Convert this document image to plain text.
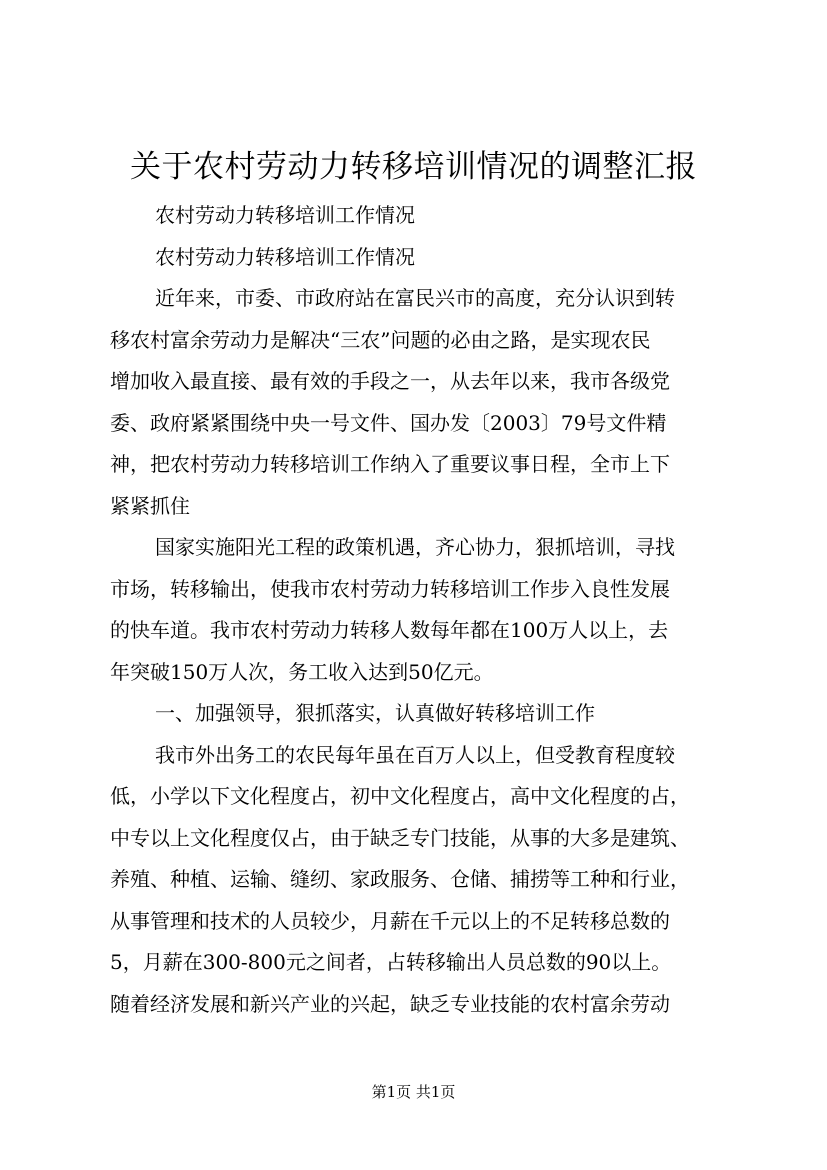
关于农村劳动力转移培训情况的调整汇报
农村劳动力转移培训工作情况
农村劳动力转移培训工作情况
近年来，市委、市政府站在富民兴市的高度，充分认识到转
移农村富余劳动力是解决“三农”问题的必由之路，是实现农民
增加收入最直接、最有效的手段之一，从去年以来，我市各级党
委、政府紧紧围绕中央一号文件、国办发〔2003〕79号文件精
神，把农村劳动力转移培训工作纳入了重要议事日程，全市上下
紧紧抓住
国家实施阳光工程的政策机遇，齐心协力，狠抓培训，寻找
市场，转移输出，使我市农村劳动力转移培训工作步入良性发展
的快车道。我市农村劳动力转移人数每年都在100万人以上，去
年突破150万人次，务工收入达到50亿元。
一、加强领导，狠抓落实，认真做好转移培训工作
我市外出务工的农民每年虽在百万人以上，但受教育程度较
低，小学以下文化程度占，初中文化程度占，高中文化程度的占，
中专以上文化程度仅占，由于缺乏专门技能，从事的大多是建筑、
养殖、种植、运输、缝纫、家政服务、仓储、捕捞等工种和行业，
从事管理和技术的人员较少，月薪在千元以上的不足转移总数的
5，月薪在300-800元之间者，占转移输出人员总数的90以上。
随着经济发展和新兴产业的兴起，缺乏专业技能的农村富余劳动
第1页 共1页
